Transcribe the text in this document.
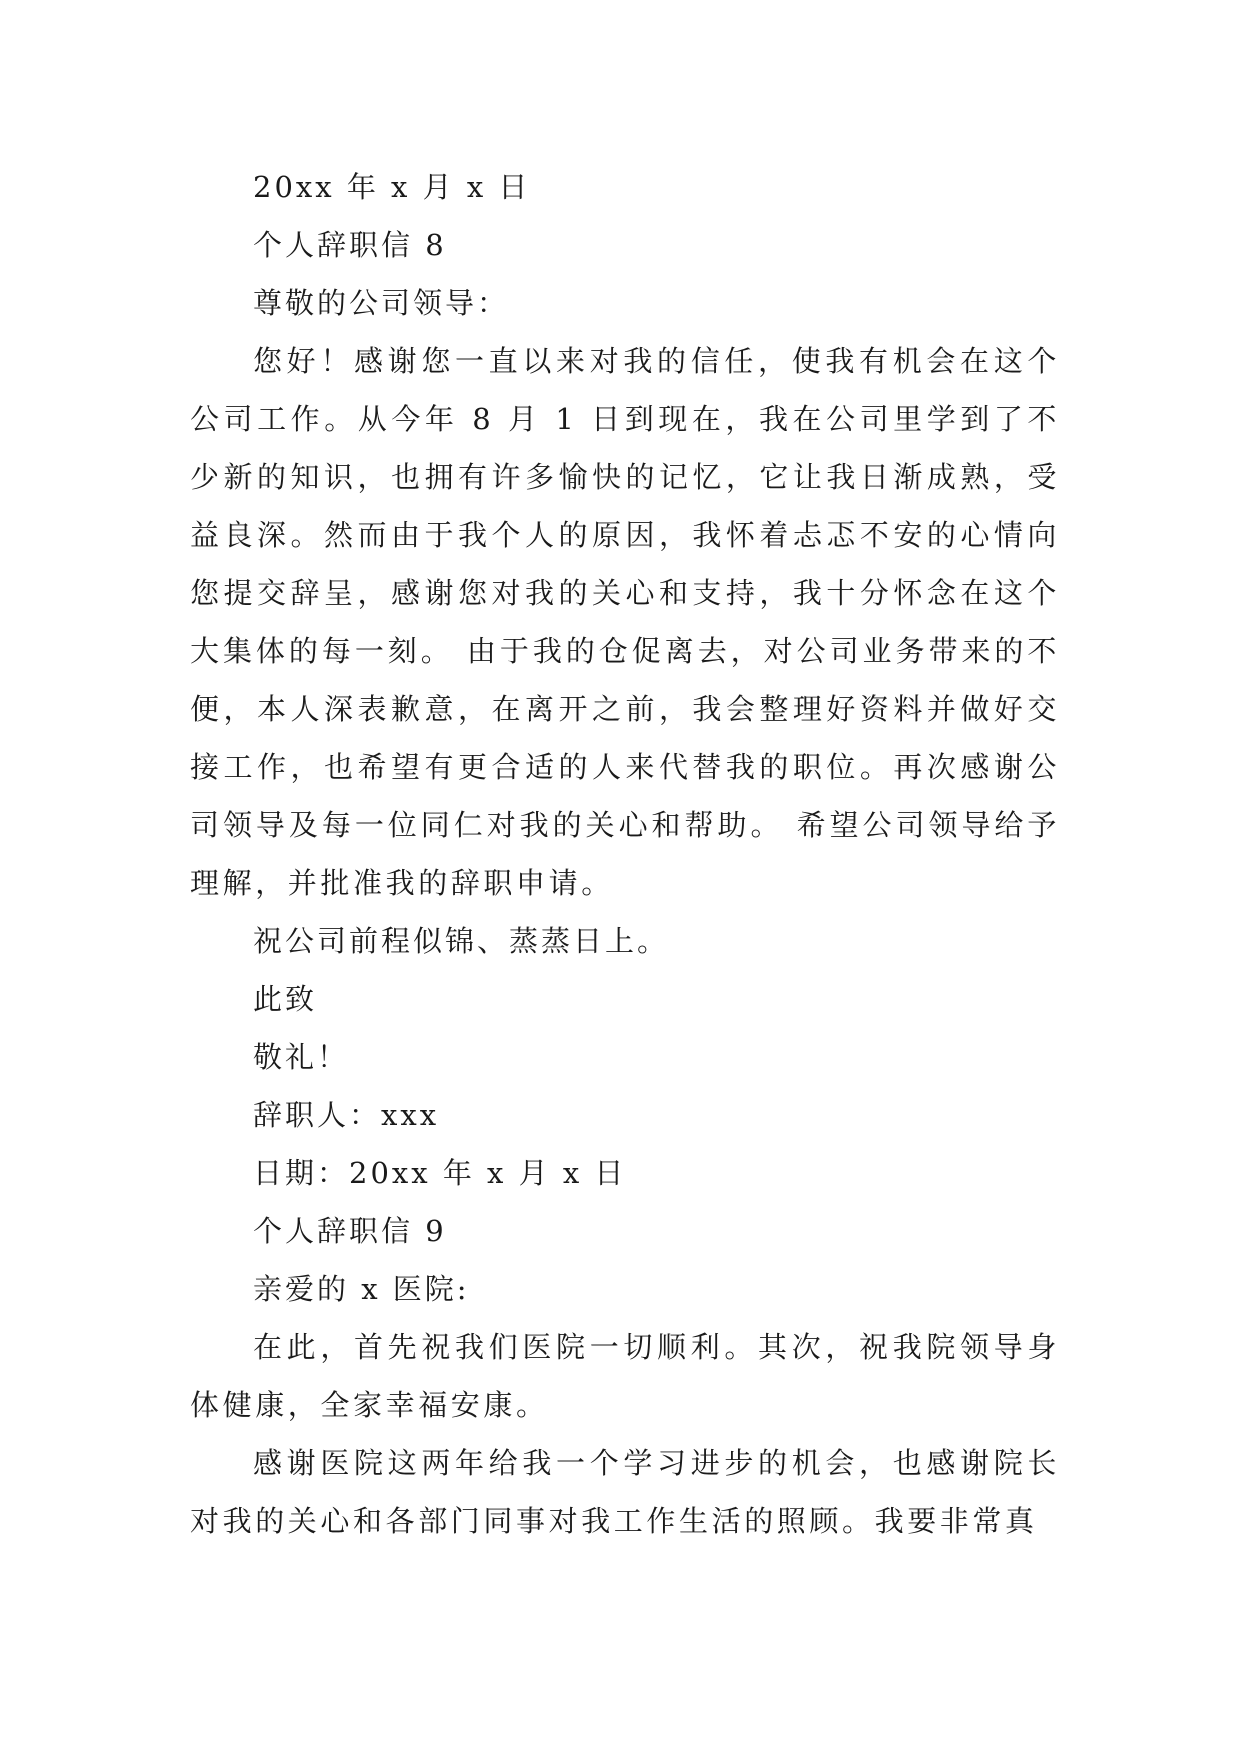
20xx 年 x 月 x 日
个人辞职信 8
尊敬的公司领导：

您好！感谢您一直以来对我的信任，使我有机会在这个公司工作。从今年 8 月 1 日到现在，我在公司里学到了不少新的知识，也拥有许多愉快的记忆，它让我日渐成熟，受益良深。然而由于我个人的原因，我怀着忐忑不安的心情向您提交辞呈，感谢您对我的关心和支持，我十分怀念在这个大集体的每一刻。 由于我的仓促离去，对公司业务带来的不便，本人深表歉意，在离开之前，我会整理好资料并做好交接工作，也希望有更合适的人来代替我的职位。再次感谢公司领导及每一位同仁对我的关心和帮助。 希望公司领导给予理解，并批准我的辞职申请。

祝公司前程似锦、蒸蒸日上。
此致
敬礼！
辞职人：xxx
日期：20xx 年 x 月 x 日
个人辞职信 9
亲爱的 x 医院:

在此，首先祝我们医院一切顺利。其次，祝我院领导身体健康，全家幸福安康。

感谢医院这两年给我一个学习进步的机会，也感谢院长对我的关心和各部门同事对我工作生活的照顾。我要非常真
